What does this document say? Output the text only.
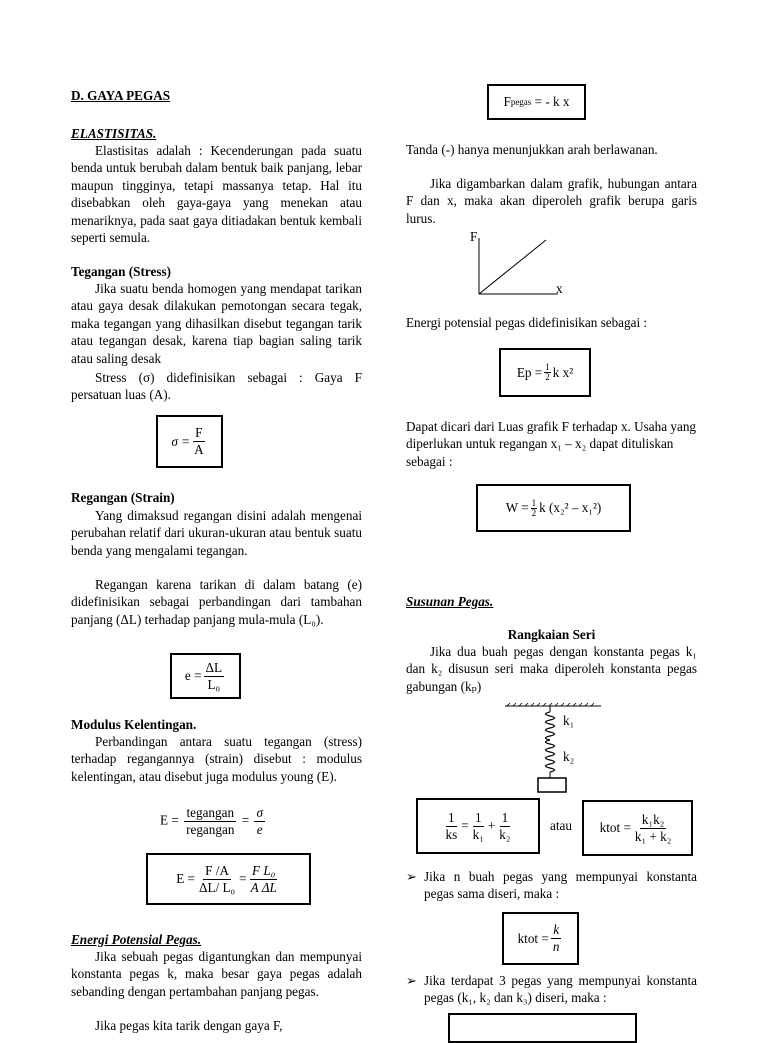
D. GAYA PEGAS
ELASTISITAS.

Elastisitas adalah : Kecenderungan pada suatu benda untuk berubah dalam bentuk baik panjang, lebar maupun tingginya, tetapi massanya tetap. Hal itu disebabkan oleh gaya-gaya yang menekan atau menariknya, pada saat gaya ditiadakan bentuk kembali seperti semula.

Tegangan (Stress)

Jika suatu benda homogen yang mendapat tarikan atau gaya desak dilakukan pemotongan secara tegak, maka tegangan yang dihasilkan disebut tegangan tarik atau tegangan desak, karena tiap bagian saling tarik atau saling desak

Stress (σ) didefinisikan sebagai : Gaya F persatuan luas (A).

$\sigma = \frac{F}{A}$
Regangan (Strain)

Yang dimaksud regangan disini adalah mengenai perubahan relatif dari ukuran-ukuran atau bentuk suatu benda yang mengalami tegangan.

Regangan karena tarikan di dalam batang (e) didefinisikan sebagai perbandingan dari tambahan panjang (ΔL) terhadap panjang mula-mula (L₀).

$e = \frac{\Delta L}{\text{L₀}}$
Modulus Kelentingan.

Perbandingan antara suatu tegangan (stress) terhadap regangannya (strain) disebut : modulus kelentingan, atau disebut juga modulus young (E).

$E = \frac{\text{tegangan}}{\text{regangan}} = \frac{\sigma}{e}$
$E = \frac{F /A}{\text{ΔL/ L₀}} = \frac{\text{F L₀}}{\text{A ΔL}}$
Energi Potensial Pegas.

Jika sebuah pegas digantungkan dan mempunyai konstanta pegas k, maka besar gaya pegas adalah sebanding dengan pertambahan panjang pegas.

Jika pegas kita tarik dengan gaya F,

F pegas
= - k x

Tanda (-) hanya menunjukkan arah berlawanan.

Jika digambarkan dalam grafik, hubungan antara F dan x, maka akan diperoleh grafik berupa garis lurus.

F
x

Energi potensial pegas didefinisikan sebagai :

$Ep = \frac{1}{2}$ k x²

Dapat dicari dari Luas grafik F terhadap x. Usaha yang diperlukan untuk regangan x₁ – x₂ dapat dituliskan sebagai :

$W = \frac{1}{2}$ k (x₂² – x₁²)
Susunan Pegas.
Rangkaian Seri

Jika dua buah pegas dengan konstanta pegas k₁ dan k₂ disusun seri maka diperoleh konstanta pegas gabungan (kₚ)

k₁
k₂
$\frac{1}{ks} = \frac{1}{\text{k₁}} + \frac{1}{\text{k₂}}$	atau ktot = $\frac{\text{k₁k₂}}{\text{k₁ + k₂}}$
➢ Jika n buah pegas yang mempunyai konstanta pegas sama diseri, maka :
ktot = $\frac{k}{n}$
➢ Jika terdapat 3 pegas yang mempunyai konstanta pegas (k₁, k₂ dan k₃) diseri, maka :
